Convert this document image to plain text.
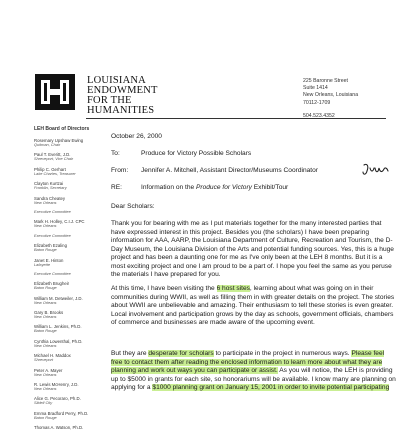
LOUISIANA
ENDOWMENT
FOR THE
HUMANITIES
225 Baronne Street
Suite 1414
New Orleans, Louisiana
70112-1709
504.523.4352
LEH Board of Directors
Rosemary Upshaw Ewing
Quitman, Chair
Paul T. Everitt, J.D.
Shreveport, Vice Chair
Philip C. Gerhart
Lake Charles, Treasurer
Clayton Kurtzai
Franklin, Secretary
Sandra Cheatey
New Orleans
Executive Committee
Mark H. Holley, C.I.J. CPC
New Orleans
Executive Committee
Elizabeth Ezaling
Baton Rouge
Janet E. Hinton
Lafayette
Executive Committee
Elizabeth Brugheir
Baton Rouge
William M. Detweiler, J.D.
New Orleans
Gary B. Brooks
New Orleans
William L. Jenkins, Ph.D.
Baton Rouge
Cynthia Lowenthal, Ph.D.
New Orleans
Michael H. Maddox
Shreveport
Peter A. Mayer
New Orleans
R. Lewis McHenry, J.D.
New Orleans
Alice G. Pecoraro, Ph.D.
Slidell City
Emma Bradford Perry, Ph.D.
Baton Rouge
Thomas A. Watson, Ph.D.
October 26, 2000
To:	Produce for Victory Possible Scholars
From: Jennifer A. Mitchell, Assistant Director/Museums Coordinator
RE:	Information on the Produce for Victory Exhibit/Tour
Dear Scholars:
Thank you for bearing with me as I put materials together for the many interested parties that have expressed interest in this project. Besides you (the scholars) I have been preparing information for AAA, AARP, the Louisiana Department of Culture, Recreation and Tourism, the D-Day Museum, the Louisiana Division of the Arts and potential funding sources. Yes, this is a huge project and has been a daunting one for me as I've only been at the LEH 8 months. But it is a most exciting project and one I am proud to be a part of. I hope you feel the same as you peruse the materials I have prepared for you.
At this time, I have been visiting the 6 host sites, learning about what was going on in their communities during WWII, as well as filling them in with greater details on the project. The stories about WWII are unbelievable and amazing. Their enthusiasm to tell these stories is even greater. Local involvement and participation grows by the day as schools, government officials, chambers of commerce and businesses are made aware of the upcoming event.
But they are desperate for scholars to participate in the project in numerous ways. Please feel free to contact them after reading the enclosed information to learn more about what they are planning and work out ways you can participate or assist. As you will notice, the LEH is providing up to $5000 in grants for each site, so honorariums will be available. I know many are planning on applying for a $1000 planning grant on January 15, 2001 in order to invite potential participating
